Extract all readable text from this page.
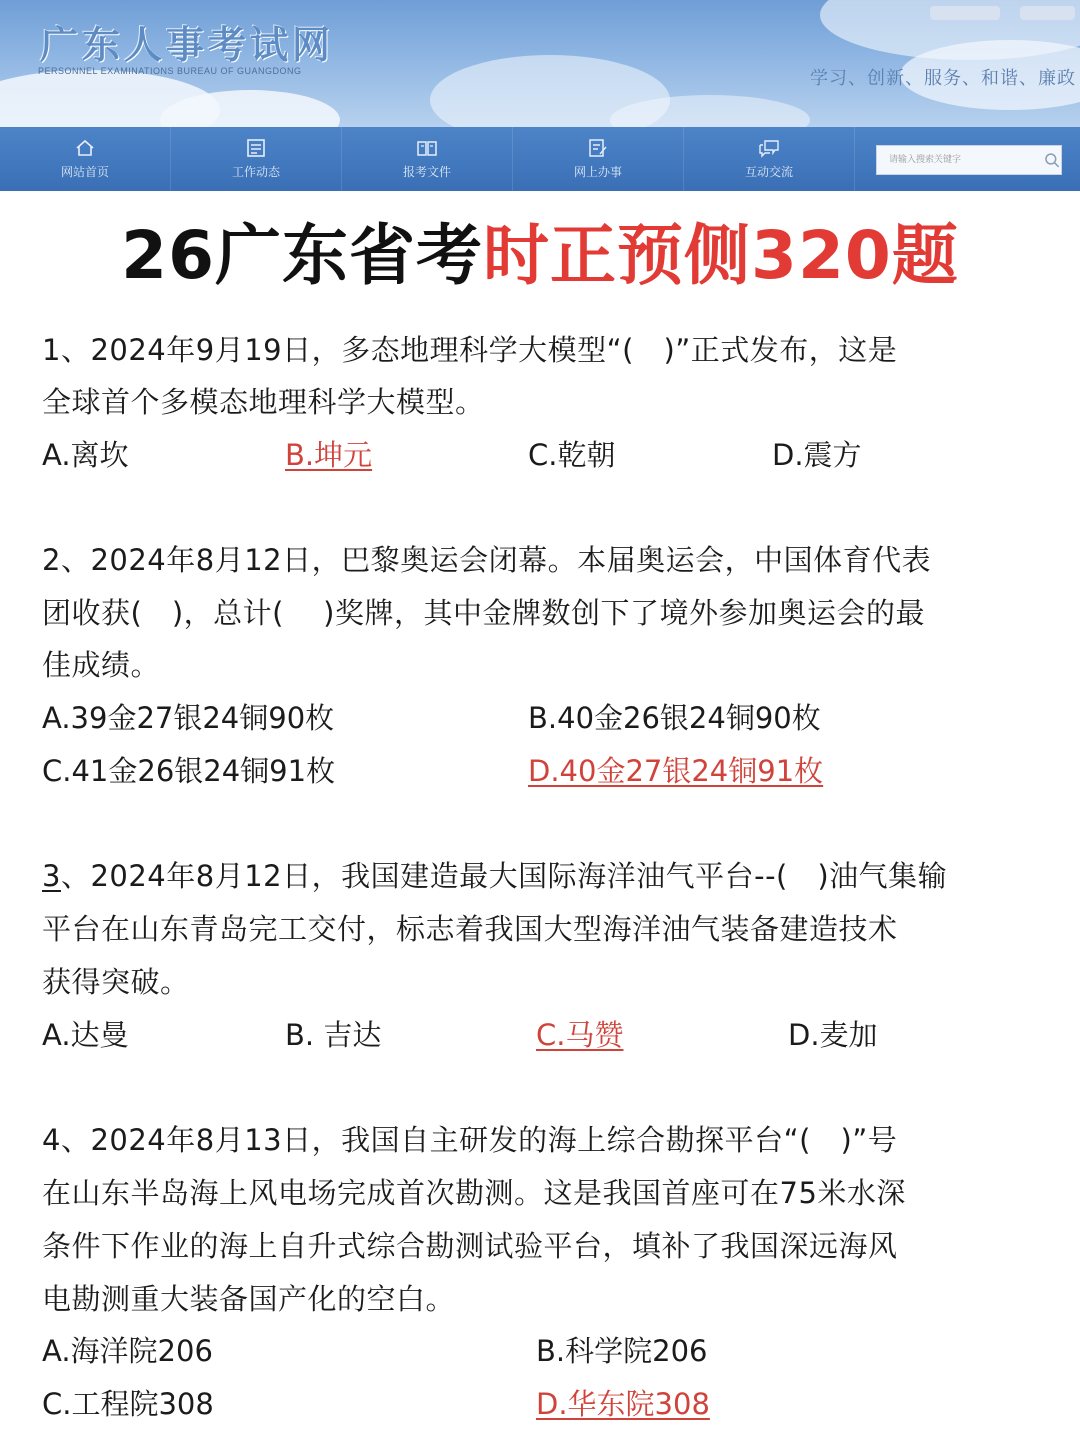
广东人事考试网
PERSONNEL EXAMINATIONS BUREAU OF GUANGDONG	学习、创新、服务、和谐、廉政
网站首页	工作动态	报考文件	网上办事	互动交流
请输入搜索关键字
26广东省考时正预侧320题
1、2024年9月19日，多态地理科学大模型“(　)”正式发布，这是
全球首个多模态地理科学大模型。
A.离坎	B.坤元	C.乾朝	D.震方
2、2024年8月12日，巴黎奥运会闭幕。本届奥运会，中国体育代表
团收获(　)，总计(　 )奖牌，其中金牌数创下了境外参加奥运会的最
佳成绩。
A.39金27银24铜90枚	B.40金26银24铜90枚
C.41金26银24铜91枚	D.40金27银24铜91枚
3、2024年8月12日，我国建造最大国际海洋油气平台--(　)油气集输
平台在山东青岛完工交付，标志着我国大型海洋油气装备建造技术
获得突破。
A.达曼	B. 吉达	C.马赞	D.麦加
4、2024年8月13日，我国自主研发的海上综合勘探平台“(　)”号
在山东半岛海上风电场完成首次勘测。这是我国首座可在75米水深
条件下作业的海上自升式综合勘测试验平台，填补了我国深远海风
电勘测重大装备国产化的空白。
A.海洋院206	B.科学院206
C.工程院308	D.华东院308
